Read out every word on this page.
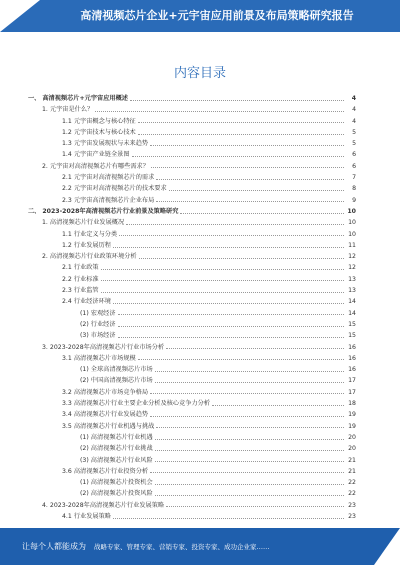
高清视频芯片企业+元宇宙应用前景及布局策略研究报告
内容目录
一、 高清视频芯片+元宇宙应用概述	4
1. 元宇宙是什么？	4
1.1 元宇宙概念与核心特征	4
1.2 元宇宙技术与核心技术	5
1.3 元宇宙发展现状与未来趋势	5
1.4 元宇宙产业链全景图	6
2. 元宇宙对高清视频芯片有哪些需求？	6
2.1 元宇宙对高清视频芯片的需求	7
2.2 元宇宙对高清视频芯片的技术要求	8
2.3 元宇宙高清视频芯片企业布局	9
二、 2023-2028年高清视频芯片行业前景及策略研究	10
1. 高清视频芯片行业发展概况	10
1.1 行业定义与分类	10
1.2 行业发展历程	11
2. 高清视频芯片行业政策环境分析	12
2.1 行业政策	12
2.2 行业标准	13
2.3 行业监管	13
2.4 行业经济环境	14
(1) 宏观经济	14
(2) 行业经济	15
(3) 市场经济	15
3. 2023-2028年高清视频芯片行业市场分析	16
3.1 高清视频芯片市场规模	16
(1) 全球高清视频芯片市场	16
(2) 中国高清视频芯片市场	17
3.2 高清视频芯片市场竞争格局	17
3.3 高清视频芯片行业主要企业分析及核心竞争力分析	18
3.4 高清视频芯片行业发展趋势	19
3.5 高清视频芯片行业机遇与挑战	19
(1) 高清视频芯片行业机遇	20
(2) 高清视频芯片行业挑战	20
(3) 高清视频芯片行业风险	21
3.6 高清视频芯片行业投资分析	21
(1) 高清视频芯片投资机会	22
(2) 高清视频芯片投资风险	22
4. 2023-2028年高清视频芯片行业发展策略	23
4.1 行业发展策略	23
让每个人都能成为 战略专家、管理专家、营销专家、投资专家、成功企业家……
